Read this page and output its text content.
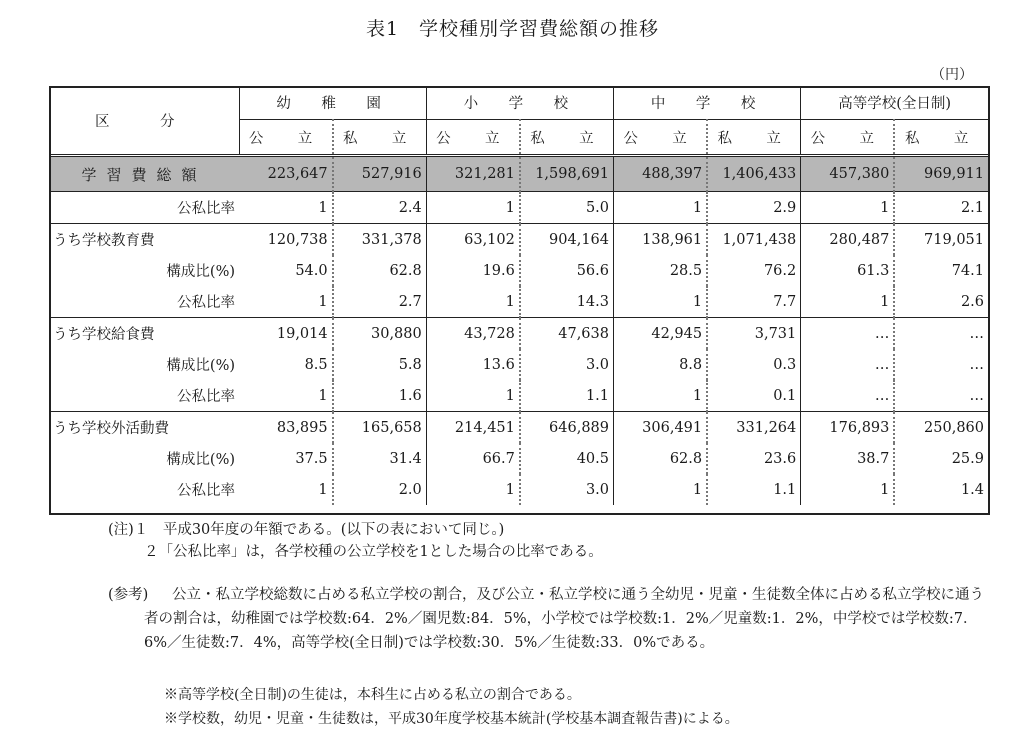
表1　学校種別学習費総額の推移
（円）
区　分	幼　稚　園		小　学　校		中　学　校		高等学校(全日制)	
	公　立	私　立	公　立	私　立	公　立	私　立	公　立	私　立
学習費総額	223,647	527,916	321,281	1,598,691	488,397	1,406,433	457,380	969,911
公私比率	1	2.4	1	5.0	1	2.9	1	2.1
うち学校教育費	120,738	331,378	63,102	904,164	138,961	1,071,438	280,487	719,051
構成比(%)	54.0	62.8	19.6	56.6	28.5	76.2	61.3	74.1
公私比率	1	2.7	1	14.3	1	7.7	1	2.6
うち学校給食費	19,014	30,880	43,728	47,638	42,945	3,731	…	…
構成比(%)	8.5	5.8	13.6	3.0	8.8	0.3	…	…
公私比率	1	1.6	1	1.1	1	0.1	…	…
うち学校外活動費	83,895	165,658	214,451	646,889	306,491	331,264	176,893	250,860
構成比(%)	37.5	31.4	66.7	40.5	62.8	23.6	38.7	25.9
公私比率	1	2.0	1	3.0	1	1.1	1	1.4
(注)１　平成30年度の年額である。(以下の表において同じ。)
２「公私比率」は，各学校種の公立学校を1とした場合の比率である。
(参考) 公立・私立学校総数に占める私立学校の割合，及び公立・私立学校に通う全幼児・児童・生徒数全体に占める私立学校に通う者の割合は，幼稚園では学校数:64．2%／園児数:84．5%，小学校では学校数:1．2%／児童数:1．2%，中学校では学校数:7．6%／生徒数:7．4%，高等学校(全日制)では学校数:30．5%／生徒数:33．0%である。
※高等学校(全日制)の生徒は，本科生に占める私立の割合である。
※学校数，幼児・児童・生徒数は，平成30年度学校基本統計(学校基本調査報告書)による。
